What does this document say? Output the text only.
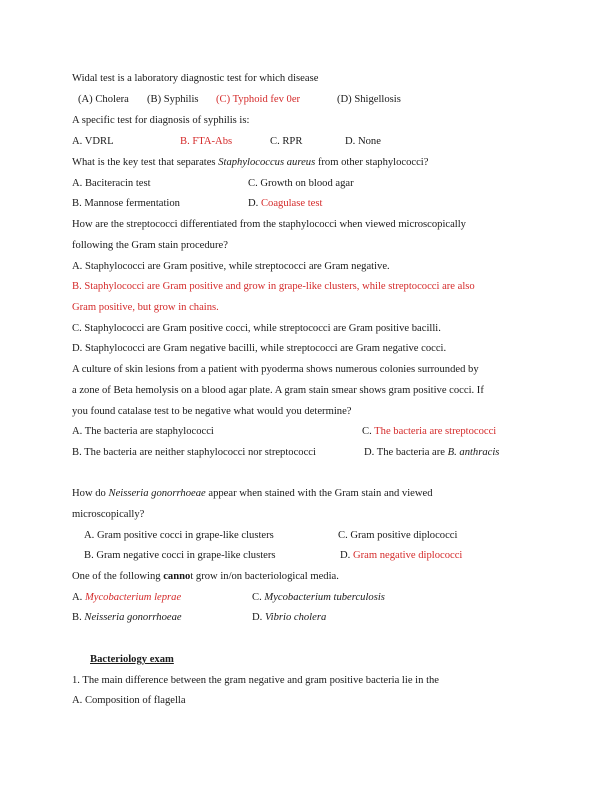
Widal test is a laboratory diagnostic test for which disease
(A) Cholera (B) Syphilis (C) Typhoid fev 0er	(D) Shigellosis
A specific test for diagnosis of syphilis is:
A. VDRL	B. FTA-Abs	C. RPR	D. None
What is the key test that separates Staphylococcus aureus from other staphylococci?
A. Baciteracin test	C. Growth on blood agar
B. Mannose fermentation	D. Coagulase test
How are the streptococci differentiated from the staphylococci when viewed microscopically
following the Gram stain procedure?
A. Staphylococci are Gram positive, while streptococci are Gram negative.
B. Staphylococci are Gram positive and grow in grape-like clusters, while streptococci are also
Gram positive, but grow in chains.
C. Staphylococci are Gram positive cocci, while streptococci are Gram positive bacilli.
D. Staphylococci are Gram negative bacilli, while streptococci are Gram negative cocci.
A culture of skin lesions from a patient with pyoderma shows numerous colonies surrounded by
a zone of Beta hemolysis on a blood agar plate. A gram stain smear shows gram positive cocci. If
you found catalase test to be negative what would you determine?
A. The bacteria are staphylococci	C. The bacteria are streptococci
B. The bacteria are neither staphylococci nor streptococci	D. The bacteria are B. anthracis
How do Neisseria gonorrhoeae appear when stained with the Gram stain and viewed
microscopically?
A. Gram positive cocci in grape-like clusters	C. Gram positive diplococci
B. Gram negative cocci in grape-like clusters	D. Gram negative diplococci
One of the following cannot grow in/on bacteriological media.
A. Mycobacterium leprae	C. Mycobacterium tuberculosis
B. Neisseria gonorrhoeae	D. Vibrio cholera
Bacteriology exam
1. The main difference between the gram negative and gram positive bacteria lie in the
A. Composition of flagella
